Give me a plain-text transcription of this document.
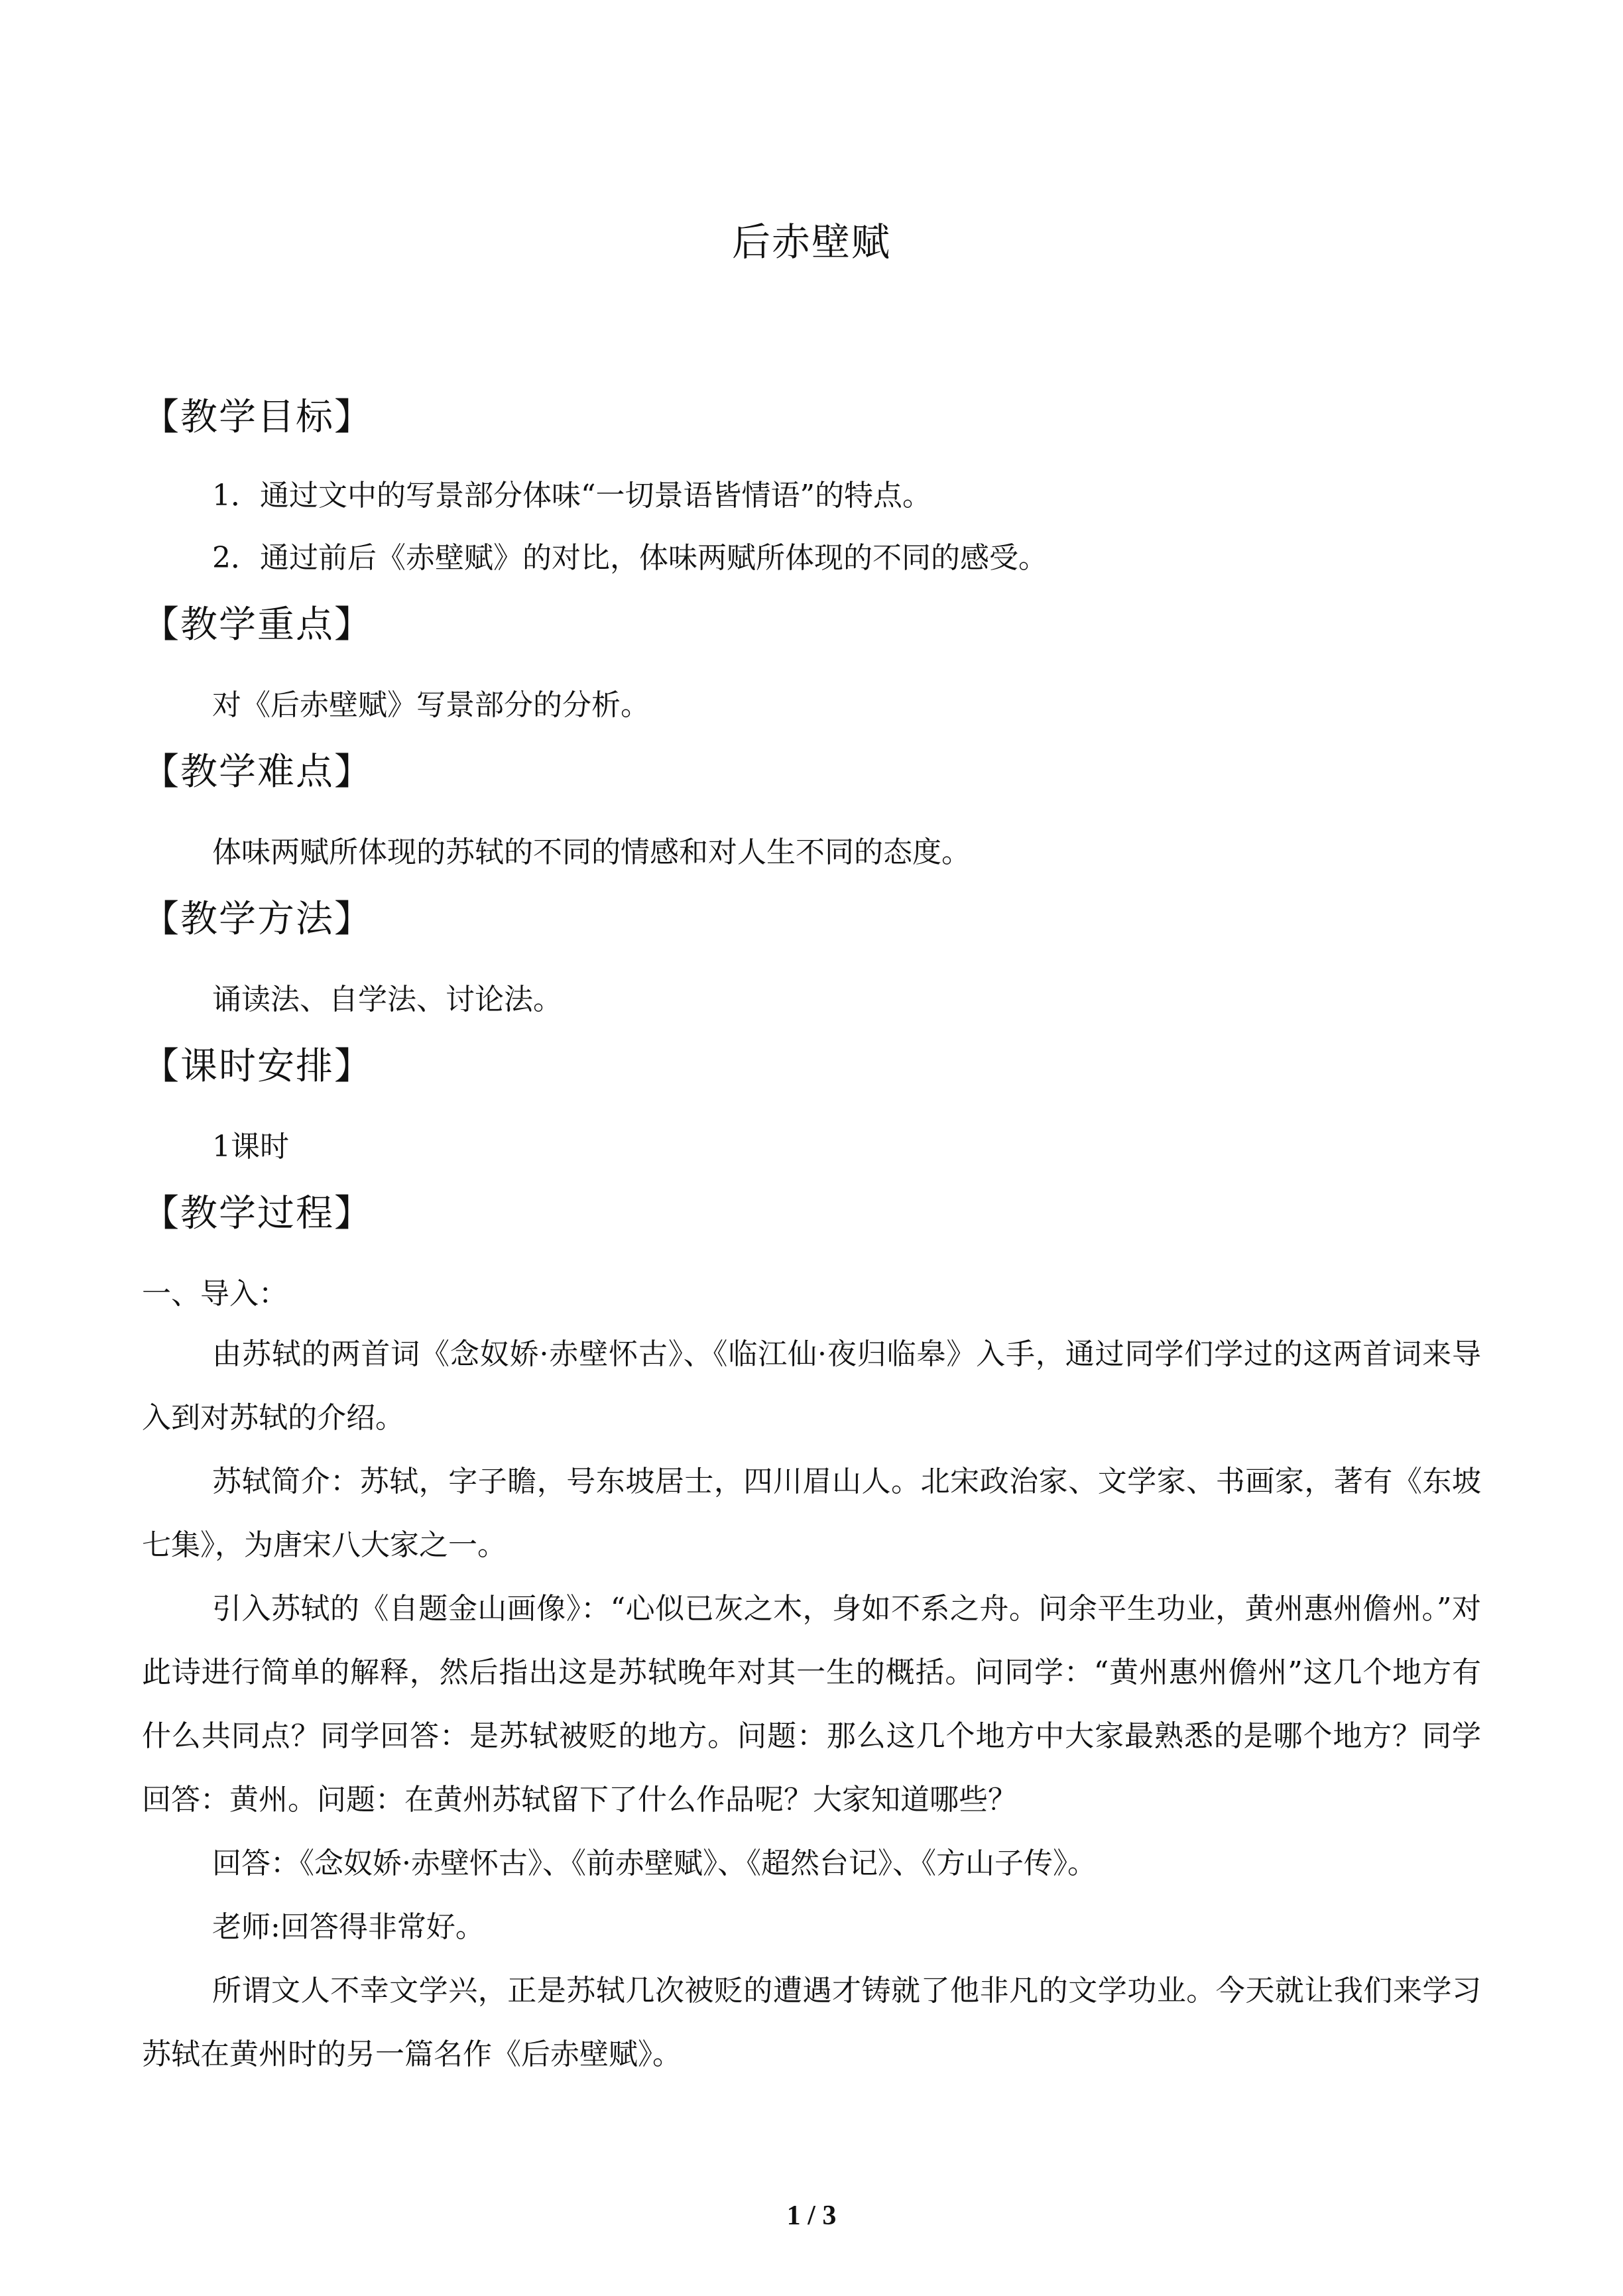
后赤壁赋
【教学目标】
1．通过文中的写景部分体味“一切景语皆情语”的特点。
2．通过前后《赤壁赋》的对比，体味两赋所体现的不同的感受。
【教学重点】
对《后赤壁赋》写景部分的分析。
【教学难点】
体味两赋所体现的苏轼的不同的情感和对人生不同的态度。
【教学方法】
诵读法、自学法、讨论法。
【课时安排】
1课时
【教学过程】
一、导入：
由苏轼的两首词《念奴娇·赤壁怀古》、《临江仙·夜归临皋》入手，通过同学们学过的这两首词来导入到对苏轼的介绍。
苏轼简介：苏轼，字子瞻，号东坡居士，四川眉山人。北宋政治家、文学家、书画家，著有《东坡七集》，为唐宋八大家之一。
引入苏轼的《自题金山画像》：“心似已灰之木，身如不系之舟。问余平生功业，黄州惠州儋州。”对此诗进行简单的解释，然后指出这是苏轼晚年对其一生的概括。问同学：“黄州惠州儋州”这几个地方有什么共同点？同学回答：是苏轼被贬的地方。问题：那么这几个地方中大家最熟悉的是哪个地方？同学回答：黄州。问题：在黄州苏轼留下了什么作品呢？大家知道哪些？
回答：《念奴娇·赤壁怀古》、《前赤壁赋》、《超然台记》、《方山子传》。
老师:回答得非常好。
所谓文人不幸文学兴，正是苏轼几次被贬的遭遇才铸就了他非凡的文学功业。今天就让我们来学习苏轼在黄州时的另一篇名作《后赤壁赋》。
1 / 3
